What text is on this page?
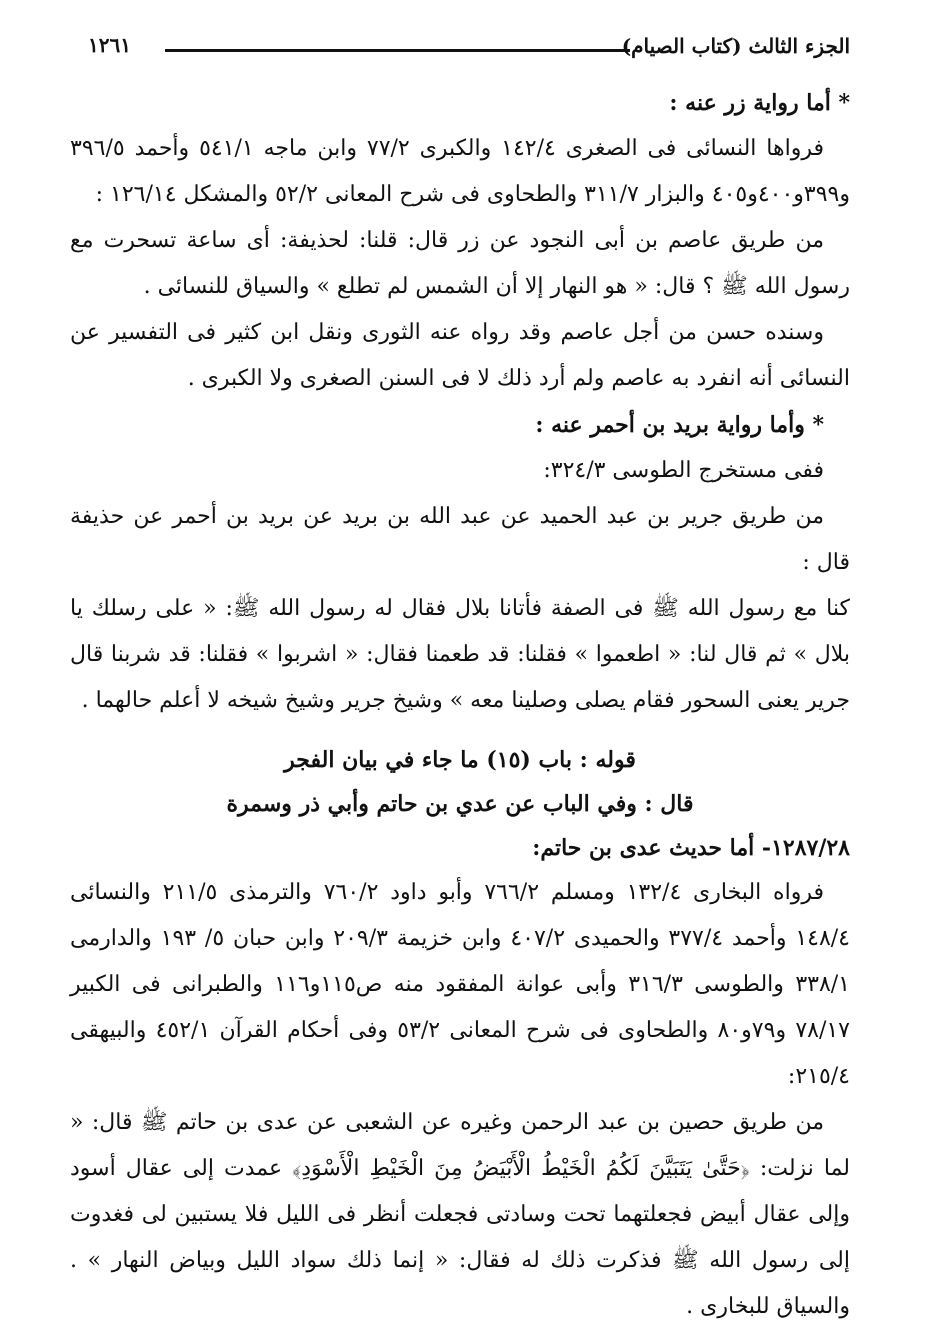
الجزء الثالث (كتاب الصيام)
١٢٦١

* أما رواية زر عنه :

فرواها النسائى فى الصغرى ١٤٢/٤ والكبرى ٧٧/٢ وابن ماجه ٥٤١/١ وأحمد ٣٩٦/٥ و٣٩٩و٤٠٠و٤٠٥ والبزار ٣١١/٧ والطحاوى فى شرح المعانى ٥٢/٢ والمشكل ١٢٦/١٤ :

من طريق عاصم بن أبى النجود عن زر قال: قلنا: لحذيفة: أى ساعة تسحرت مع رسول الله ﷺ ؟ قال: « هو النهار إلا أن الشمس لم تطلع » والسياق للنسائى .

وسنده حسن من أجل عاصم وقد رواه عنه الثورى ونقل ابن كثير فى التفسير عن النسائى أنه انفرد به عاصم ولم أرد ذلك لا فى السنن الصغرى ولا الكبرى .

* وأما رواية بريد بن أحمر عنه :

ففى مستخرج الطوسى ٣٢٤/٣:

من طريق جرير بن عبد الحميد عن عبد الله بن بريد عن بريد بن أحمر عن حذيفة قال :

كنا مع رسول الله ﷺ فى الصفة فأتانا بلال فقال له رسول الله ﷺ: « على رسلك يا بلال » ثم قال لنا: « اطعموا » فقلنا: قد طعمنا فقال: « اشربوا » فقلنا: قد شربنا قال جرير يعنى السحور فقام يصلى وصلينا معه » وشيخ جرير وشيخ شيخه لا أعلم حالهما .

قوله : باب (١٥) ما جاء في بيان الفجر

قال : وفي الباب عن عدي بن حاتم وأبي ذر وسمرة

١٢٨٧/٢٨- أما حديث عدى بن حاتم:

فرواه البخارى ١٣٢/٤ ومسلم ٧٦٦/٢ وأبو داود ٧٦٠/٢ والترمذى ٢١١/٥ والنسائى ١٤٨/٤ وأحمد ٣٧٧/٤ والحميدى ٤٠٧/٢ وابن خزيمة ٢٠٩/٣ وابن حبان ٥/ ١٩٣ والدارمى ٣٣٨/١ والطوسى ٣١٦/٣ وأبى عوانة المفقود منه ص١١٥و١١٦ والطبرانى فى الكبير ٧٨/١٧ و٧٩و٨٠ والطحاوى فى شرح المعانى ٥٣/٢ وفى أحكام القرآن ٤٥٢/١ والبيهقى ٢١٥/٤:

من طريق حصين بن عبد الرحمن وغيره عن الشعبى عن عدى بن حاتم ﷺ قال: « لما نزلت: ﴿حَتَّىٰ يَتَبَيَّنَ لَكُمُ الْخَيْطُ الْأَبْيَضُ مِنَ الْخَيْطِ الْأَسْوَدِ﴾ عمدت إلى عقال أسود وإلى عقال أبيض فجعلتهما تحت وسادتى فجعلت أنظر فى الليل فلا يستبين لى فغدوت إلى رسول الله ﷺ فذكرت ذلك له فقال: « إنما ذلك سواد الليل وبياض النهار » . والسياق للبخارى .
